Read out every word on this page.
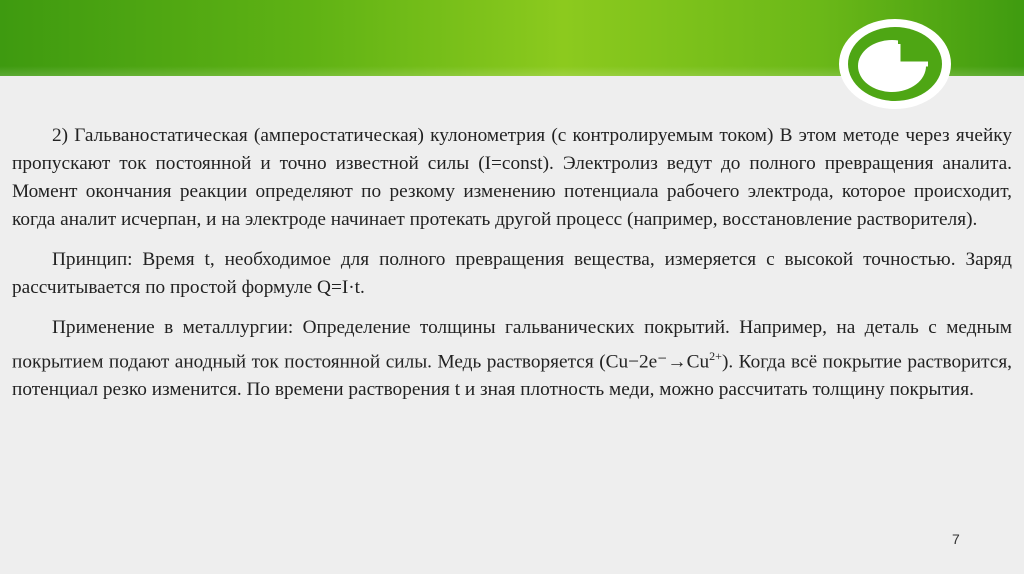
2) Гальваностатическая (амперостатическая) кулонометрия (с контролируемым током) В этом методе через ячейку пропускают ток постоянной и точно известной силы (I=const). Электролиз ведут до полного превращения аналита. Момент окончания реакции определяют по резкому изменению потенциала рабочего электрода, которое происходит, когда аналит исчерпан, и на электроде начинает протекать другой процесс (например, восстановление растворителя).

Принцип: Время t, необходимое для полного превращения вещества, измеряется с высокой точностью. Заряд рассчитывается по простой формуле Q=I·t.

Применение в металлургии: Определение толщины гальванических покрытий. Например, на деталь с медным покрытием подают анодный ток постоянной силы. Медь растворяется $(Cu-2e^-\to Cu^{2+})$. Когда всё покрытие растворится, потенциал резко изменится. По времени растворения t и зная плотность меди, можно рассчитать толщину покрытия.

7
